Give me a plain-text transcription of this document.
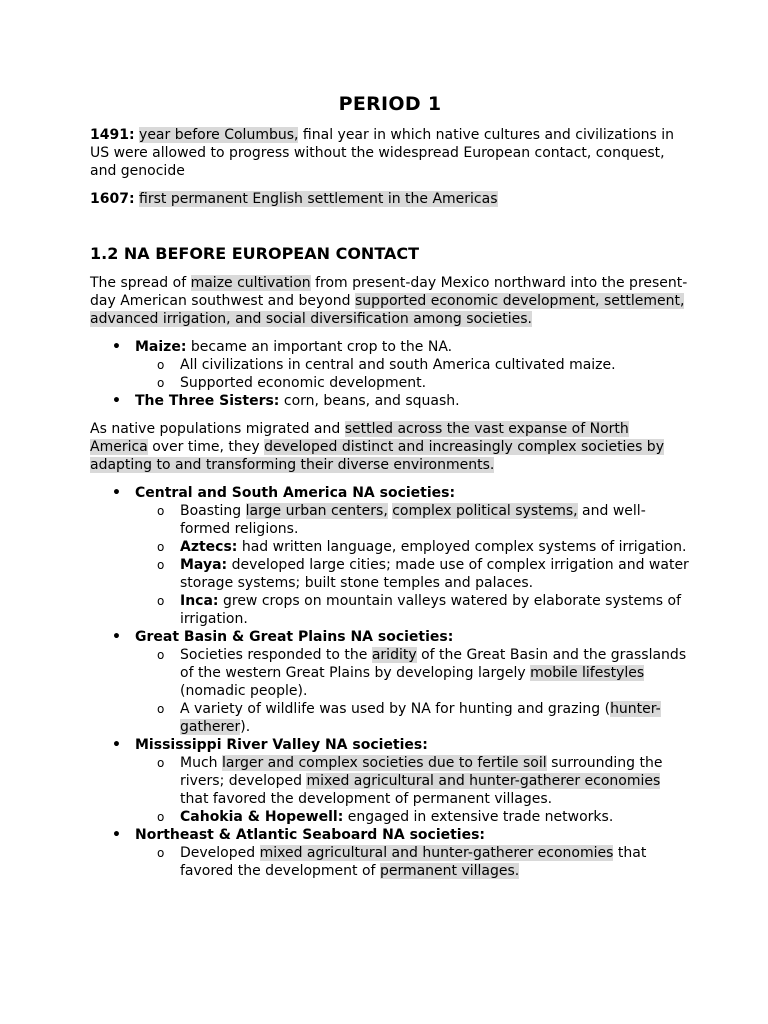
PERIOD 1

1491: year before Columbus, final year in which native cultures and civilizations in US were allowed to progress without the widespread European contact, conquest, and genocide

1607: first permanent English settlement in the Americas

1.2 NA BEFORE EUROPEAN CONTACT

The spread of maize cultivation from present-day Mexico northward into the present-day American southwest and beyond supported economic development, settlement, advanced irrigation, and social diversification among societies.

• Maize: became an important crop to the NA.
o All civilizations in central and south America cultivated maize.
o Supported economic development.
• The Three Sisters: corn, beans, and squash.

As native populations migrated and settled across the vast expanse of North America over time, they developed distinct and increasingly complex societies by adapting to and transforming their diverse environments.

• Central and South America NA societies:
o Boasting large urban centers, complex political systems, and well-formed religions.
o Aztecs: had written language, employed complex systems of irrigation.
o Maya: developed large cities; made use of complex irrigation and water storage systems; built stone temples and palaces.
o Inca: grew crops on mountain valleys watered by elaborate systems of irrigation.
• Great Basin & Great Plains NA societies:
o Societies responded to the aridity of the Great Basin and the grasslands of the western Great Plains by developing largely mobile lifestyles (nomadic people).
o A variety of wildlife was used by NA for hunting and grazing (hunter-gatherer).
• Mississippi River Valley NA societies:
o Much larger and complex societies due to fertile soil surrounding the rivers; developed mixed agricultural and hunter-gatherer economies that favored the development of permanent villages.
o Cahokia & Hopewell: engaged in extensive trade networks.
• Northeast & Atlantic Seaboard NA societies:
o Developed mixed agricultural and hunter-gatherer economies that favored the development of permanent villages.
